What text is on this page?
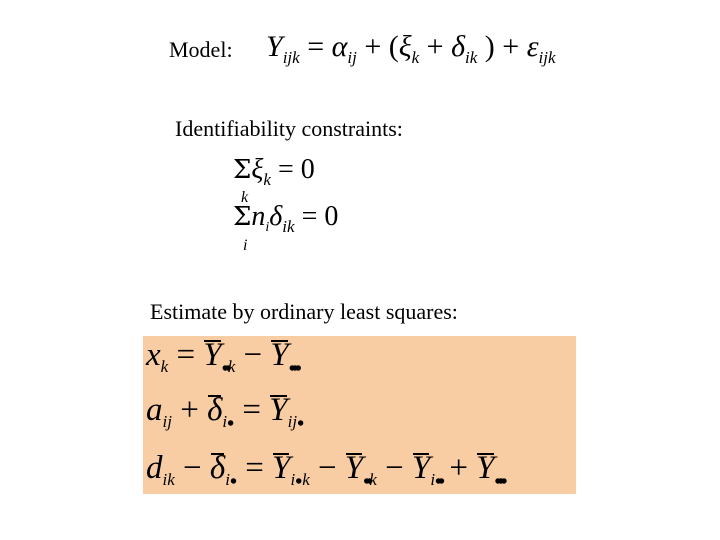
Model: $Y_{ijk} = \alpha_{ij} + (\xi_k + \delta_{ik}$ ) + $\varepsilon_{ijk}$
Identifiability constraints:
$\Sigma\xi_k = 0$
k
$\Sigma n_i\delta_{ik} = 0$
i
Estimate by ordinary least squares:
$x_k = Y_{••k} - Y_{•••}$
$a_{ij} + \delta_{i•} = Y_{ij•}$
$d_{ik} - \delta_{i•} = Y_{i•k} - Y_{••k} - Y_{i••} + Y_{•••}$
